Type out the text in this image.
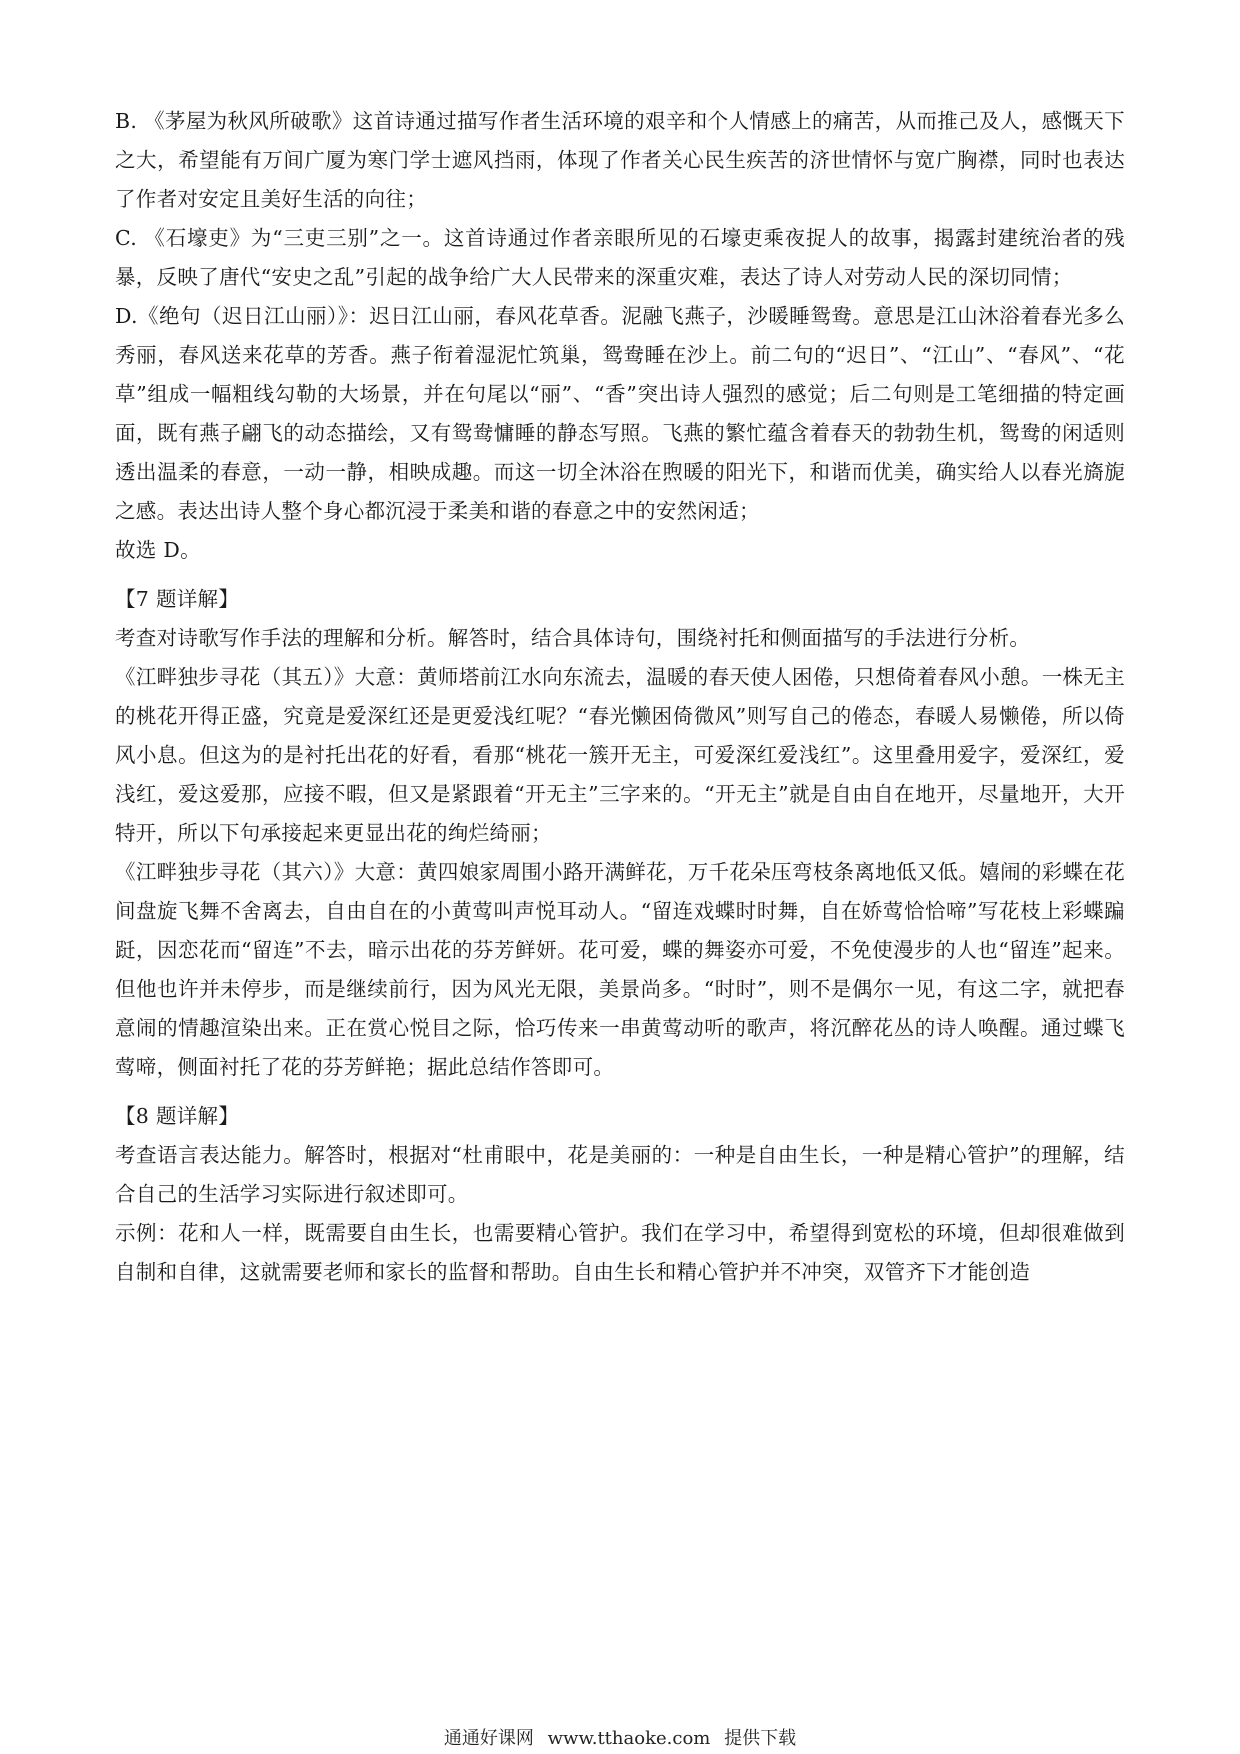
B. 《茅屋为秋风所破歌》这首诗通过描写作者生活环境的艰辛和个人情感上的痛苦，从而推己及人，感慨天下之大，希望能有万间广厦为寒门学士遮风挡雨，体现了作者关心民生疾苦的济世情怀与宽广胸襟，同时也表达了作者对安定且美好生活的向往；

C. 《石壕吏》为“三吏三别”之一。这首诗通过作者亲眼所见的石壕吏乘夜捉人的故事，揭露封建统治者的残暴，反映了唐代“安史之乱”引起的战争给广大人民带来的深重灾难，表达了诗人对劳动人民的深切同情；

D.《绝句（迟日江山丽）》：迟日江山丽，春风花草香。泥融飞燕子，沙暖睡鸳鸯。意思是江山沐浴着春光多么秀丽，春风送来花草的芳香。燕子衔着湿泥忙筑巢，鸳鸯睡在沙上。前二句的“迟日”、“江山”、“春风”、“花草”组成一幅粗线勾勒的大场景，并在句尾以“丽”、“香”突出诗人强烈的感觉；后二句则是工笔细描的特定画面，既有燕子翩飞的动态描绘，又有鸳鸯慵睡的静态写照。飞燕的繁忙蕴含着春天的勃勃生机，鸳鸯的闲适则透出温柔的春意，一动一静，相映成趣。而这一切全沐浴在煦暖的阳光下，和谐而优美，确实给人以春光旖旎之感。表达出诗人整个身心都沉浸于柔美和谐的春意之中的安然闲适；

故选 D。

【7 题详解】

考查对诗歌写作手法的理解和分析。解答时，结合具体诗句，围绕衬托和侧面描写的手法进行分析。

《江畔独步寻花（其五）》大意：黄师塔前江水向东流去，温暖的春天使人困倦，只想倚着春风小憩。一株无主的桃花开得正盛，究竟是爱深红还是更爱浅红呢？“春光懒困倚微风”则写自己的倦态，春暖人易懒倦，所以倚风小息。但这为的是衬托出花的好看，看那“桃花一簇开无主，可爱深红爱浅红”。这里叠用爱字，爱深红，爱浅红，爱这爱那，应接不暇，但又是紧跟着“开无主”三字来的。“开无主”就是自由自在地开，尽量地开，大开特开，所以下句承接起来更显出花的绚烂绮丽；

《江畔独步寻花（其六）》大意：黄四娘家周围小路开满鲜花，万千花朵压弯枝条离地低又低。嬉闹的彩蝶在花间盘旋飞舞不舍离去，自由自在的小黄莺叫声悦耳动人。“留连戏蝶时时舞，自在娇莺恰恰啼”写花枝上彩蝶蹁跹，因恋花而“留连”不去，暗示出花的芬芳鲜妍。花可爱，蝶的舞姿亦可爱，不免使漫步的人也“留连”起来。但他也许并未停步，而是继续前行，因为风光无限，美景尚多。“时时”，则不是偶尔一见，有这二字，就把春意闹的情趣渲染出来。正在赏心悦目之际，恰巧传来一串黄莺动听的歌声，将沉醉花丛的诗人唤醒。通过蝶飞莺啼，侧面衬托了花的芬芳鲜艳；据此总结作答即可。

【8 题详解】

考查语言表达能力。解答时，根据对“杜甫眼中，花是美丽的：一种是自由生长，一种是精心管护”的理解，结合自己的生活学习实际进行叙述即可。

示例：花和人一样，既需要自由生长，也需要精心管护。我们在学习中，希望得到宽松的环境，但却很难做到自制和自律，这就需要老师和家长的监督和帮助。自由生长和精心管护并不冲突，双管齐下才能创造

通通好课网 www.tthaoke.com 提供下载
